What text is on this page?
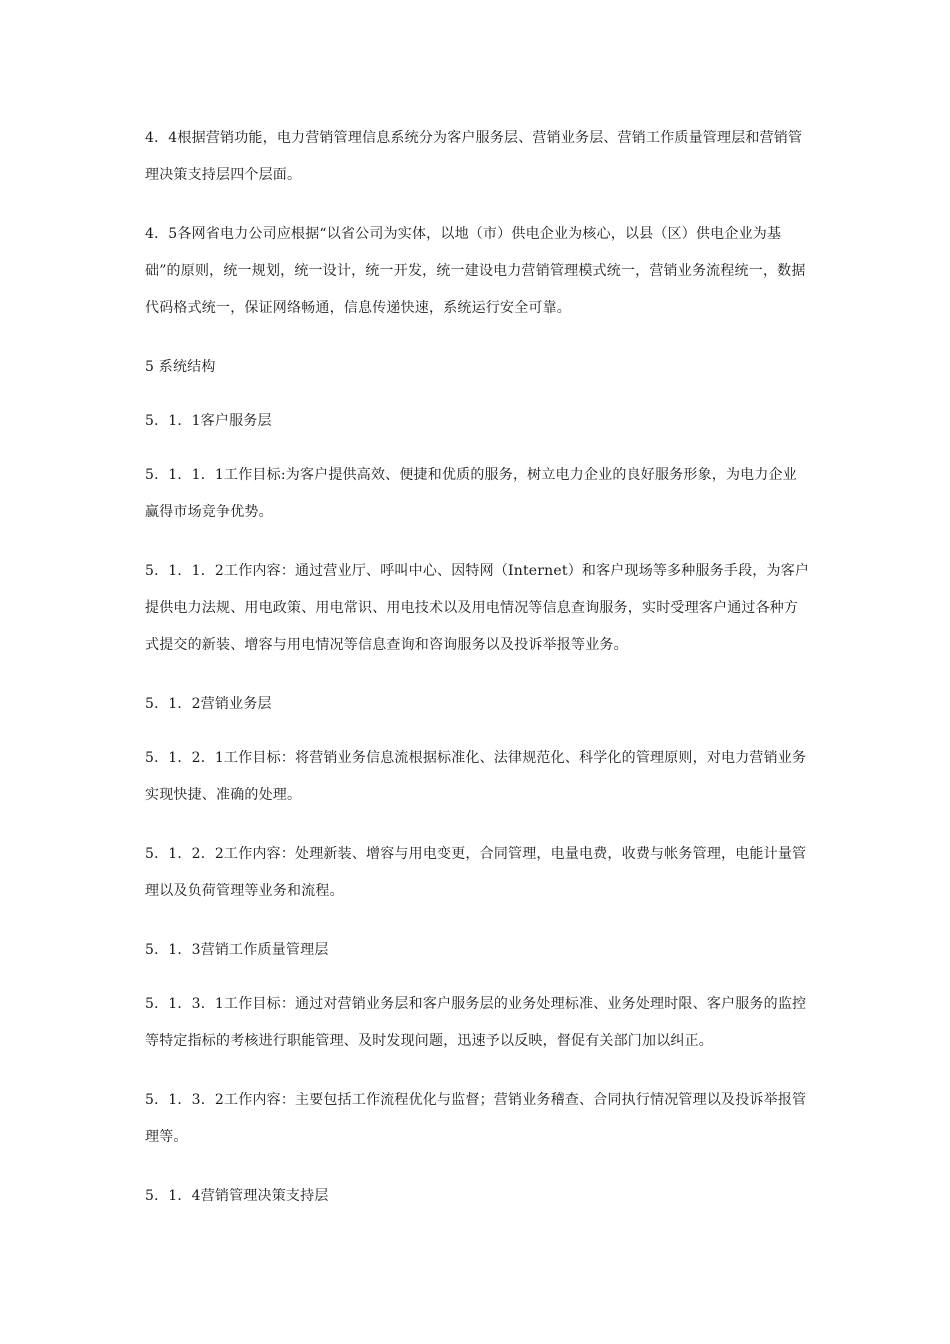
4．4根据营销功能，电力营销管理信息系统分为客户服务层、营销业务层、营销工作质量管理层和营销管理决策支持层四个层面。

4．5各网省电力公司应根据“以省公司为实体，以地（市）供电企业为核心，以县（区）供电企业为基础”的原则，统一规划，统一设计，统一开发，统一建设电力营销管理模式统一，营销业务流程统一，数据代码格式统一，保证网络畅通，信息传递快速，系统运行安全可靠。

5 系统结构

5．1．1客户服务层

5．1．1．1工作目标:为客户提供高效、便捷和优质的服务，树立电力企业的良好服务形象，为电力企业赢得市场竞争优势。

5．1．1．2工作内容：通过营业厅、呼叫中心、因特网（Internet）和客户现场等多种服务手段，为客户提供电力法规、用电政策、用电常识、用电技术以及用电情况等信息查询服务，实时受理客户通过各种方式提交的新装、增容与用电情况等信息查询和咨询服务以及投诉举报等业务。

5．1．2营销业务层

5．1．2．1工作目标：将营销业务信息流根据标准化、法律规范化、科学化的管理原则，对电力营销业务实现快捷、准确的处理。

5．1．2．2工作内容：处理新装、增容与用电变更，合同管理，电量电费，收费与帐务管理，电能计量管理以及负荷管理等业务和流程。

5．1．3营销工作质量管理层

5．1．3．1工作目标：通过对营销业务层和客户服务层的业务处理标准、业务处理时限、客户服务的监控等特定指标的考核进行职能管理、及时发现问题，迅速予以反映，督促有关部门加以纠正。

5．1．3．2工作内容：主要包括工作流程优化与监督；营销业务稽查、合同执行情况管理以及投诉举报管理等。

5．1．4营销管理决策支持层
